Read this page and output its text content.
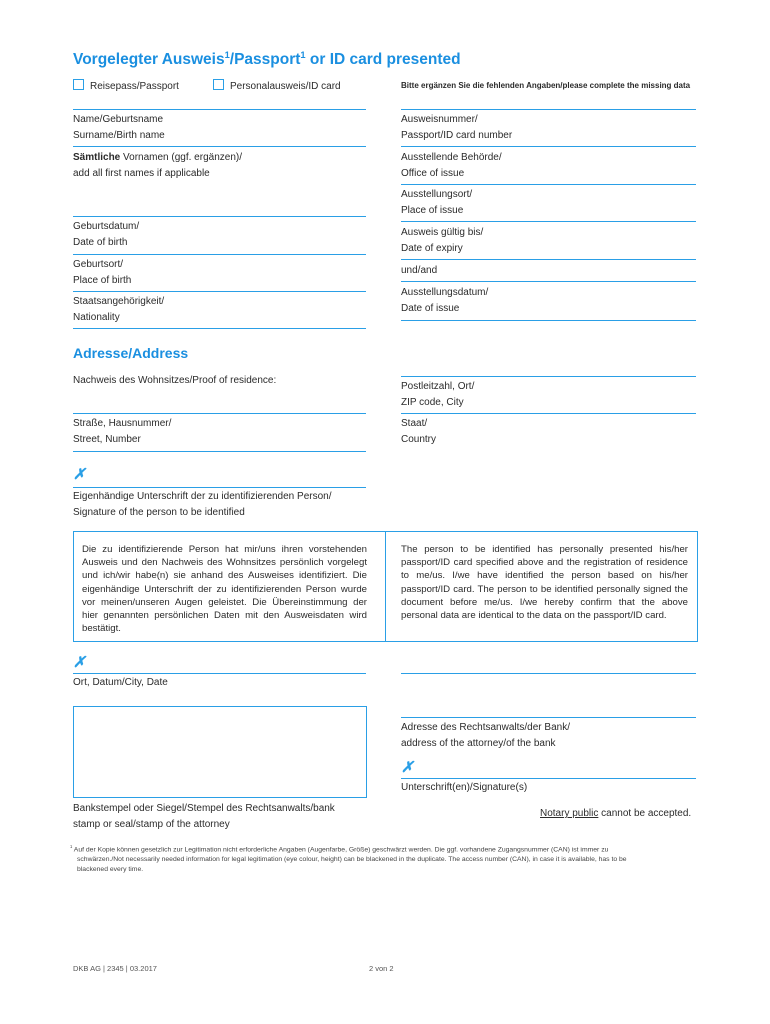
Vorgelegter Ausweis$^1$/Passport$^1$ or ID card presented
Reisepass/Passport	Personalausweis/ID card	Bitte ergänzen Sie die fehlenden Angaben/please complete the missing data
Name/Geburtsname
Surname/Birth name
Sämtliche Vornamen (ggf. ergänzen)/
add all first names if applicable
Geburtsdatum/
Date of birth
Geburtsort/
Place of birth
Staatsangehörigkeit/
Nationality
Ausweisnummer/
Passport/ID card number
Ausstellende Behörde/
Office of issue
Ausstellungsort/
Place of issue
Ausweis gültig bis/
Date of expiry
und/and
Ausstellungsdatum/
Date of issue
Adresse/Address
Nachweis des Wohnsitzes/Proof of residence:
Postleitzahl, Ort/
ZIP code, City
Straße, Hausnummer/
Street, Number
Staat/
Country
✗
Eigenhändige Unterschrift der zu identifizierenden Person/
Signature of the person to be identified
Die zu identifizierende Person hat mir/uns ihren vorstehenden Ausweis und den Nachweis des Wohnsitzes persönlich vorgelegt und ich/wir habe(n) sie anhand des Ausweises identifiziert. Die eigenhändige Unterschrift der zu identifizierenden Person wurde vor meinen/unseren Augen geleistet. Die Übereinstimmung der hier genannten persönlichen Daten mit den Ausweisdaten wird bestätigt.
The person to be identified has personally presented his/her passport/ID card specified above and the registration of residence to me/us. I/we have identified the person based on his/her passport/ID card. The person to be identified personally signed the document before me/us. I/we hereby confirm that the above personal data are identical to the data on the passport/ID card.
✗
Ort, Datum/City, Date
Bankstempel oder Siegel/Stempel des Rechtsanwalts/bank
stamp or seal/stamp of the attorney
Adresse des Rechtsanwalts/der Bank/
address of the attorney/of the bank
✗
Unterschrift(en)/Signature(s)
Notary public cannot be accepted.
$^1$ Auf der Kopie können gesetzlich zur Legitimation nicht erforderliche Angaben (Augenfarbe, Größe) geschwärzt werden. Die ggf. vorhandene Zugangsnummer (CAN) ist immer zu
schwärzen./Not necessarily needed information for legal legitimation (eye colour, height) can be blackened in the duplicate. The access number (CAN), in case it is available, has to be
blackened every time.
DKB AG | 2345 | 03.2017	2 von 2
